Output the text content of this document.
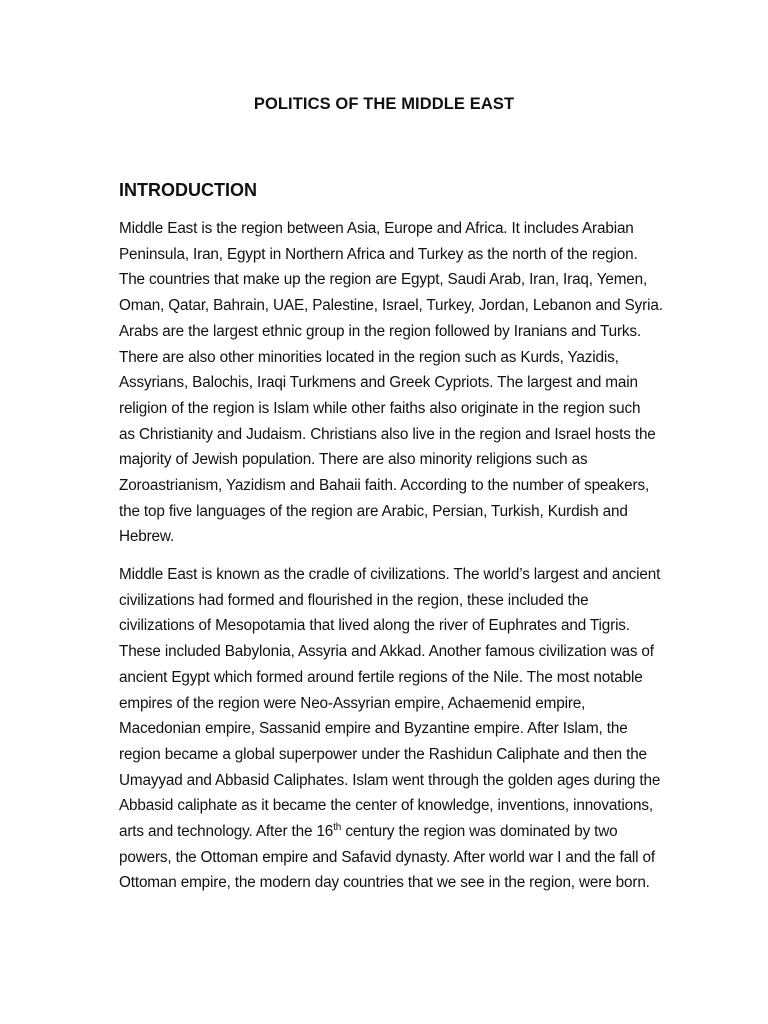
POLITICS OF THE MIDDLE EAST
INTRODUCTION

Middle East is the region between Asia, Europe and Africa. It includes Arabian
Peninsula, Iran, Egypt in Northern Africa and Turkey as the north of the region.
The countries that make up the region are Egypt, Saudi Arab, Iran, Iraq, Yemen,
Oman, Qatar, Bahrain, UAE, Palestine, Israel, Turkey, Jordan, Lebanon and Syria.
Arabs are the largest ethnic group in the region followed by Iranians and Turks.
There are also other minorities located in the region such as Kurds, Yazidis,
Assyrians, Balochis, Iraqi Turkmens and Greek Cypriots. The largest and main
religion of the region is Islam while other faiths also originate in the region such
as Christianity and Judaism. Christians also live in the region and Israel hosts the
majority of Jewish population. There are also minority religions such as
Zoroastrianism, Yazidism and Bahaii faith. According to the number of speakers,
the top five languages of the region are Arabic, Persian, Turkish, Kurdish and
Hebrew.

Middle East is known as the cradle of civilizations. The world’s largest and ancient
civilizations had formed and flourished in the region, these included the
civilizations of Mesopotamia that lived along the river of Euphrates and Tigris.
These included Babylonia, Assyria and Akkad. Another famous civilization was of
ancient Egypt which formed around fertile regions of the Nile. The most notable
empires of the region were Neo-Assyrian empire, Achaemenid empire,
Macedonian empire, Sassanid empire and Byzantine empire. After Islam, the
region became a global superpower under the Rashidun Caliphate and then the
Umayyad and Abbasid Caliphates. Islam went through the golden ages during the
Abbasid caliphate as it became the center of knowledge, inventions, innovations,
arts and technology. After the 16th century the region was dominated by two
powers, the Ottoman empire and Safavid dynasty. After world war I and the fall of
Ottoman empire, the modern day countries that we see in the region, were born.
